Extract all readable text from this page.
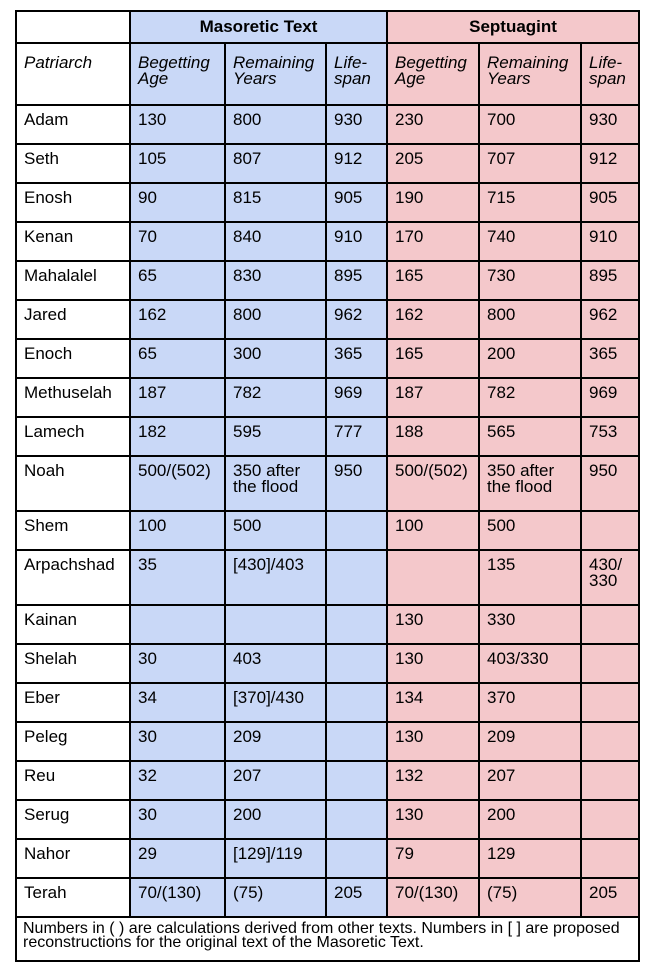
	Masoretic Text			Septuagint		
Patriarch	Begetting Age	Remaining Years	Life-span	Begetting Age	Remaining Years	Life-span
Adam	130	800	930	230	700	930
Seth	105	807	912	205	707	912
Enosh	90	815	905	190	715	905
Kenan	70	840	910	170	740	910
Mahalalel	65	830	895	165	730	895
Jared	162	800	962	162	800	962
Enoch	65	300	365	165	200	365
Methuselah	187	782	969	187	782	969
Lamech	182	595	777	188	565	753
Noah	500/(502)	350 after the flood	950	500/(502)	350 after the flood	950
Shem	100	500		100	500	
Arpachshad	35	[430]/403			135	430/ 330
Kainan				130	330	
Shelah	30	403		130	403/330	
Eber	34	[370]/430		134	370	
Peleg	30	209		130	209	
Reu	32	207		132	207	
Serug	30	200		130	200	
Nahor	29	[129]/119		79	129	
Terah	70/(130)	(75)	205	70/(130)	(75)	205
Numbers in ( ) are calculations derived from other texts. Numbers in [ ] are proposed reconstructions for the original text of the Masoretic Text.						
